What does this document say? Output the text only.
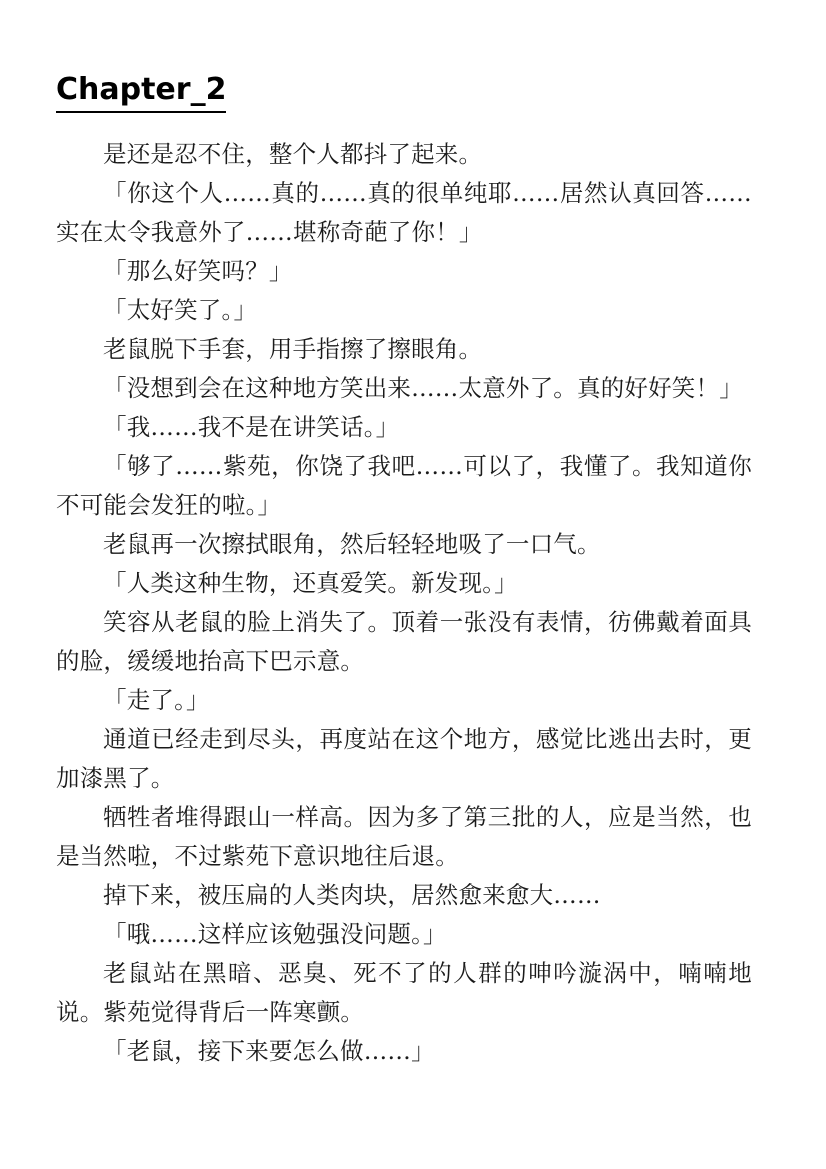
Chapter_2

是还是忍不住，整个人都抖了起来。

「你这个人……真的……真的很单纯耶……居然认真回答……实在太令我意外了……堪称奇葩了你！」

「那么好笑吗？」

「太好笑了。」

老鼠脱下手套，用手指擦了擦眼角。

「没想到会在这种地方笑出来……太意外了。真的好好笑！」

「我……我不是在讲笑话。」

「够了……紫苑，你饶了我吧……可以了，我懂了。我知道你不可能会发狂的啦。」

老鼠再一次擦拭眼角，然后轻轻地吸了一口气。

「人类这种生物，还真爱笑。新发现。」

笑容从老鼠的脸上消失了。顶着一张没有表情，彷佛戴着面具的脸，缓缓地抬高下巴示意。

「走了。」

通道已经走到尽头，再度站在这个地方，感觉比逃出去时，更加漆黑了。

牺牲者堆得跟山一样高。因为多了第三批的人，应是当然，也是当然啦，不过紫苑下意识地往后退。

掉下来，被压扁的人类肉块，居然愈来愈大……

「哦……这样应该勉强没问题。」

老鼠站在黑暗、恶臭、死不了的人群的呻吟漩涡中，喃喃地说。紫苑觉得背后一阵寒颤。

「老鼠，接下来要怎么做……」
